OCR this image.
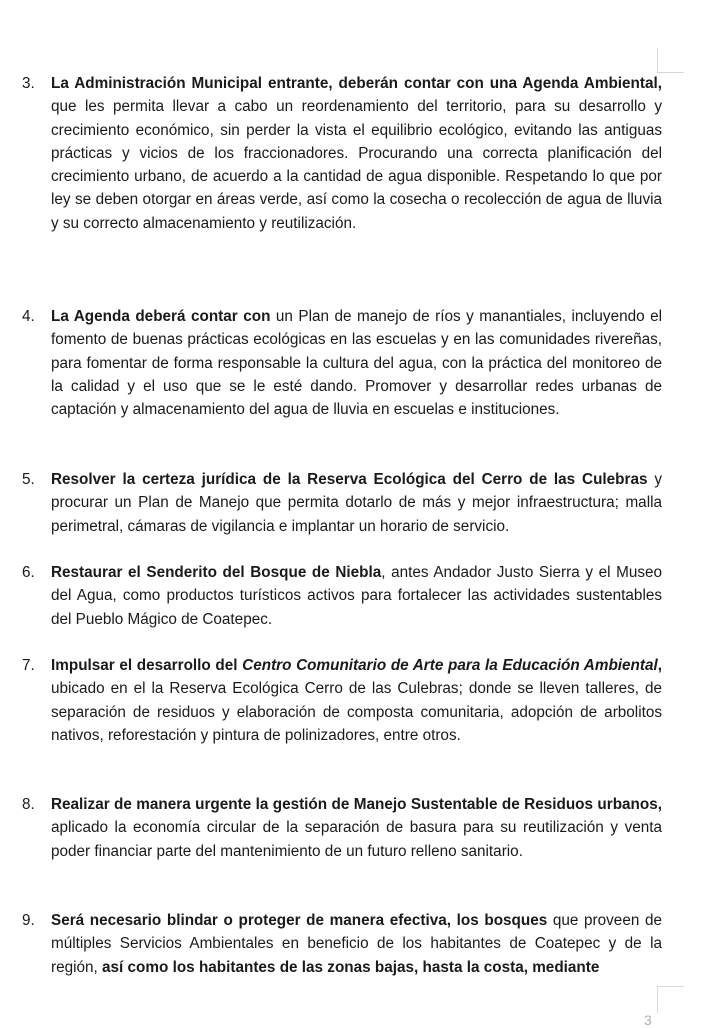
3.	La Administración Municipal entrante, deberán contar con una Agenda Ambiental, que les permita llevar a cabo un reordenamiento del territorio, para su desarrollo y crecimiento económico, sin perder la vista el equilibrio ecológico, evitando las antiguas prácticas y vicios de los fraccionadores. Procurando una correcta planificación del crecimiento urbano, de acuerdo a la cantidad de agua disponible. Respetando lo que por ley se deben otorgar en áreas verde, así como la cosecha o recolección de agua de lluvia y su correcto almacenamiento y reutilización.
4.	La Agenda deberá contar con un Plan de manejo de ríos y manantiales, incluyendo el fomento de buenas prácticas ecológicas en las escuelas y en las comunidades rivereñas, para fomentar de forma responsable la cultura del agua, con la práctica del monitoreo de la calidad y el uso que se le esté dando. Promover y desarrollar redes urbanas de captación y almacenamiento del agua de lluvia en escuelas e instituciones.
5.	Resolver la certeza jurídica de la Reserva Ecológica del Cerro de las Culebras y procurar un Plan de Manejo que permita dotarlo de más y mejor infraestructura; malla perimetral, cámaras de vigilancia e implantar un horario de servicio.
6.	Restaurar el Senderito del Bosque de Niebla, antes Andador Justo Sierra y el Museo del Agua, como productos turísticos activos para fortalecer las actividades sustentables del Pueblo Mágico de Coatepec.
7.	Impulsar el desarrollo del Centro Comunitario de Arte para la Educación Ambiental, ubicado en el la Reserva Ecológica Cerro de las Culebras; donde se lleven talleres, de separación de residuos y elaboración de composta comunitaria, adopción de arbolitos nativos, reforestación y pintura de polinizadores, entre otros.
8.	Realizar de manera urgente la gestión de Manejo Sustentable de Residuos urbanos, aplicado la economía circular de la separación de basura para su reutilización y venta poder financiar parte del mantenimiento de un futuro relleno sanitario.
9.	Será necesario blindar o proteger de manera efectiva, los bosques que proveen de múltiples Servicios Ambientales en beneficio de los habitantes de Coatepec y de la región, así como los habitantes de las zonas bajas, hasta la costa, mediante
3
